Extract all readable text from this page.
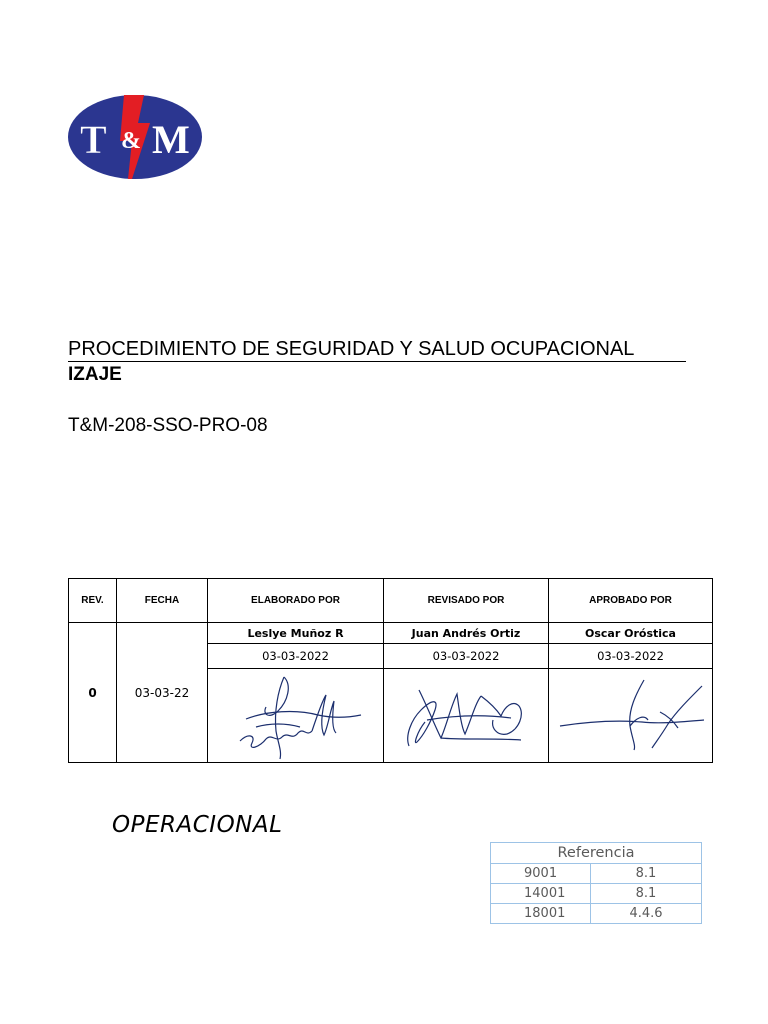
T & M
PROCEDIMIENTO DE SEGURIDAD Y SALUD OCUPACIONAL
IZAJE
T&M-208-SSO-PRO-08
REV.	FECHA	ELABORADO POR	REVISADO POR	APROBADO POR
0	03-03-22	Leslye Muñoz R	Juan Andrés Ortiz	Oscar Oróstica
		03-03-2022	03-03-2022	03-03-2022

OPERACIONAL
Referencia	
9001	8.1
14001	8.1
18001	4.4.6
